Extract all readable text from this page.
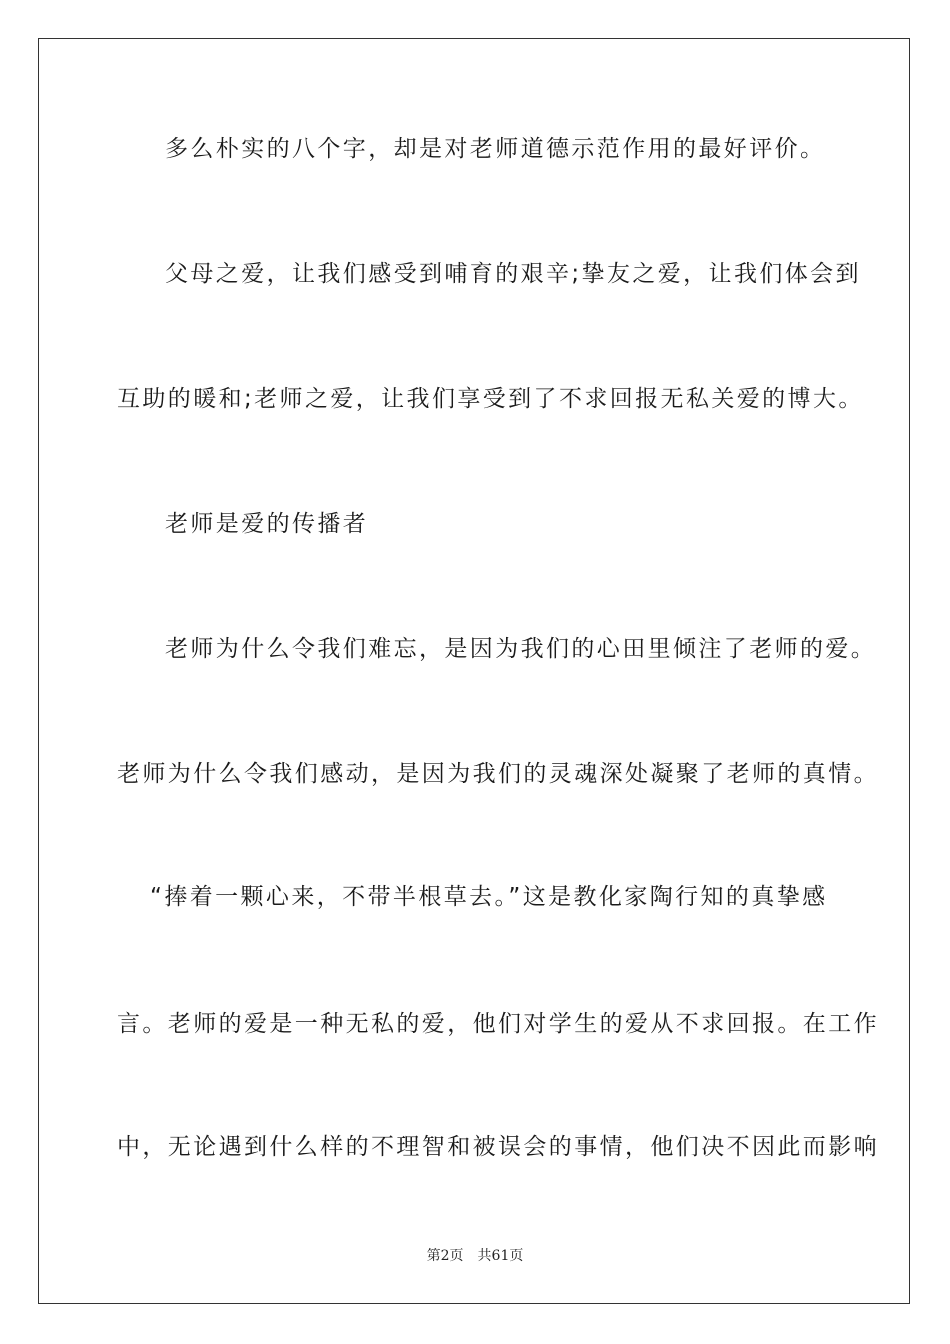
多么朴实的八个字，却是对老师道德示范作用的最好评价。
父母之爱，让我们感受到哺育的艰辛;挚友之爱，让我们体会到
互助的暖和;老师之爱，让我们享受到了不求回报无私关爱的博大。
老师是爱的传播者
老师为什么令我们难忘，是因为我们的心田里倾注了老师的爱。
老师为什么令我们感动，是因为我们的灵魂深处凝聚了老师的真情。
“捧着一颗心来，不带半根草去。”这是教化家陶行知的真挚感
言。老师的爱是一种无私的爱，他们对学生的爱从不求回报。在工作
中，无论遇到什么样的不理智和被误会的事情，他们决不因此而影响
第2页 共61页
